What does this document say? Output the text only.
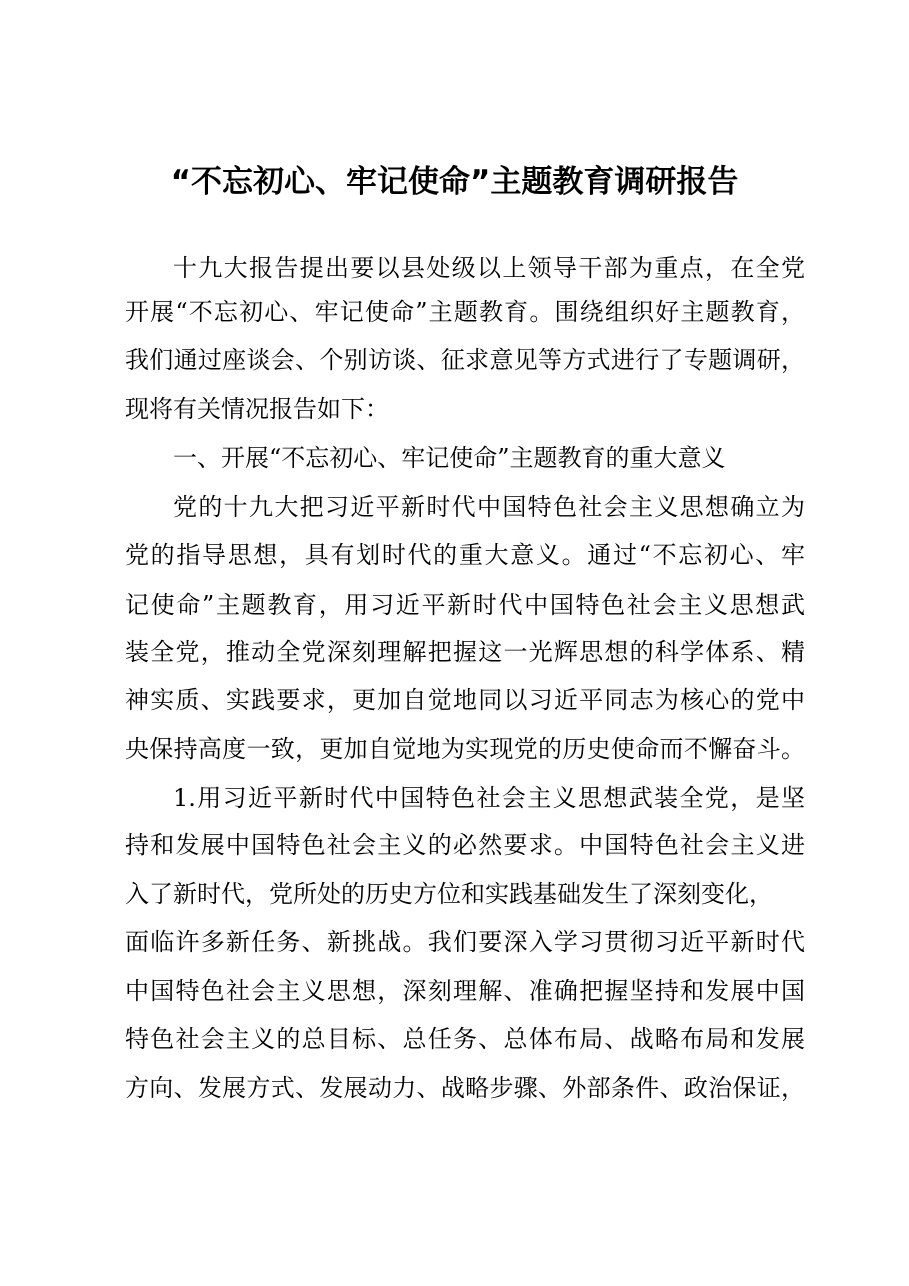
“不忘初心、牢记使命”主题教育调研报告

十九大报告提出要以县处级以上领导干部为重点，在全党

开展“不忘初心、牢记使命”主题教育。围绕组织好主题教育，

我们通过座谈会、个别访谈、征求意见等方式进行了专题调研，

现将有关情况报告如下：

一、开展“不忘初心、牢记使命”主题教育的重大意义

党的十九大把习近平新时代中国特色社会主义思想确立为

党的指导思想，具有划时代的重大意义。通过“不忘初心、牢

记使命”主题教育，用习近平新时代中国特色社会主义思想武

装全党，推动全党深刻理解把握这一光辉思想的科学体系、精

神实质、实践要求，更加自觉地同以习近平同志为核心的党中

央保持高度一致，更加自觉地为实现党的历史使命而不懈奋斗。

1.用习近平新时代中国特色社会主义思想武装全党，是坚

持和发展中国特色社会主义的必然要求。中国特色社会主义进

入了新时代，党所处的历史方位和实践基础发生了深刻变化，

面临许多新任务、新挑战。我们要深入学习贯彻习近平新时代

中国特色社会主义思想，深刻理解、准确把握坚持和发展中国

特色社会主义的总目标、总任务、总体布局、战略布局和发展

方向、发展方式、发展动力、战略步骤、外部条件、政治保证，
